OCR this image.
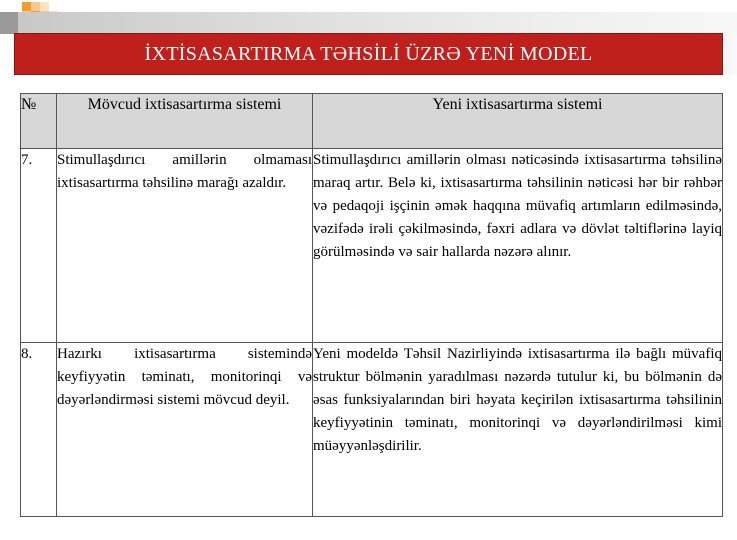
İXTİSASARTIRMA TƏHSİLİ ÜZRƏ YENİ MODEL
№	Mövcud ixtisasartırma sistemi	Yeni ixtisasartırma sistemi
7.	Stimullaşdırıcı amillərin olmaması ixtisasartırma təhsilinə marağı azaldır.	Stimullaşdırıcı amillərin olması nəticəsində ixtisasartırma təhsilinə maraq artır. Belə ki, ixtisasartırma təhsilinin nəticəsi hər bir rəhbər və pedaqoji işçinin əmək haqqına müvafiq artımların edilməsində, vəzifədə irəli çəkilməsində, fəxri adlara və dövlət təltiflərinə layiq görülməsində və sair hallarda nəzərə alınır.
8.	Hazırkı ixtisasartırma sistemində keyfiyyətin təminatı, monitorinqi və dəyərləndirməsi sistemi mövcud deyil.	Yeni modeldə Təhsil Nazirliyində ixtisasartırma ilə bağlı müvafiq struktur bölmənin yaradılması nəzərdə tutulur ki, bu bölmənin də əsas funksiyalarından biri həyata keçirilən ixtisasartırma təhsilinin keyfiyyətinin təminatı, monitorinqi və dəyərləndirilməsi kimi müəyyənləşdirilir.
